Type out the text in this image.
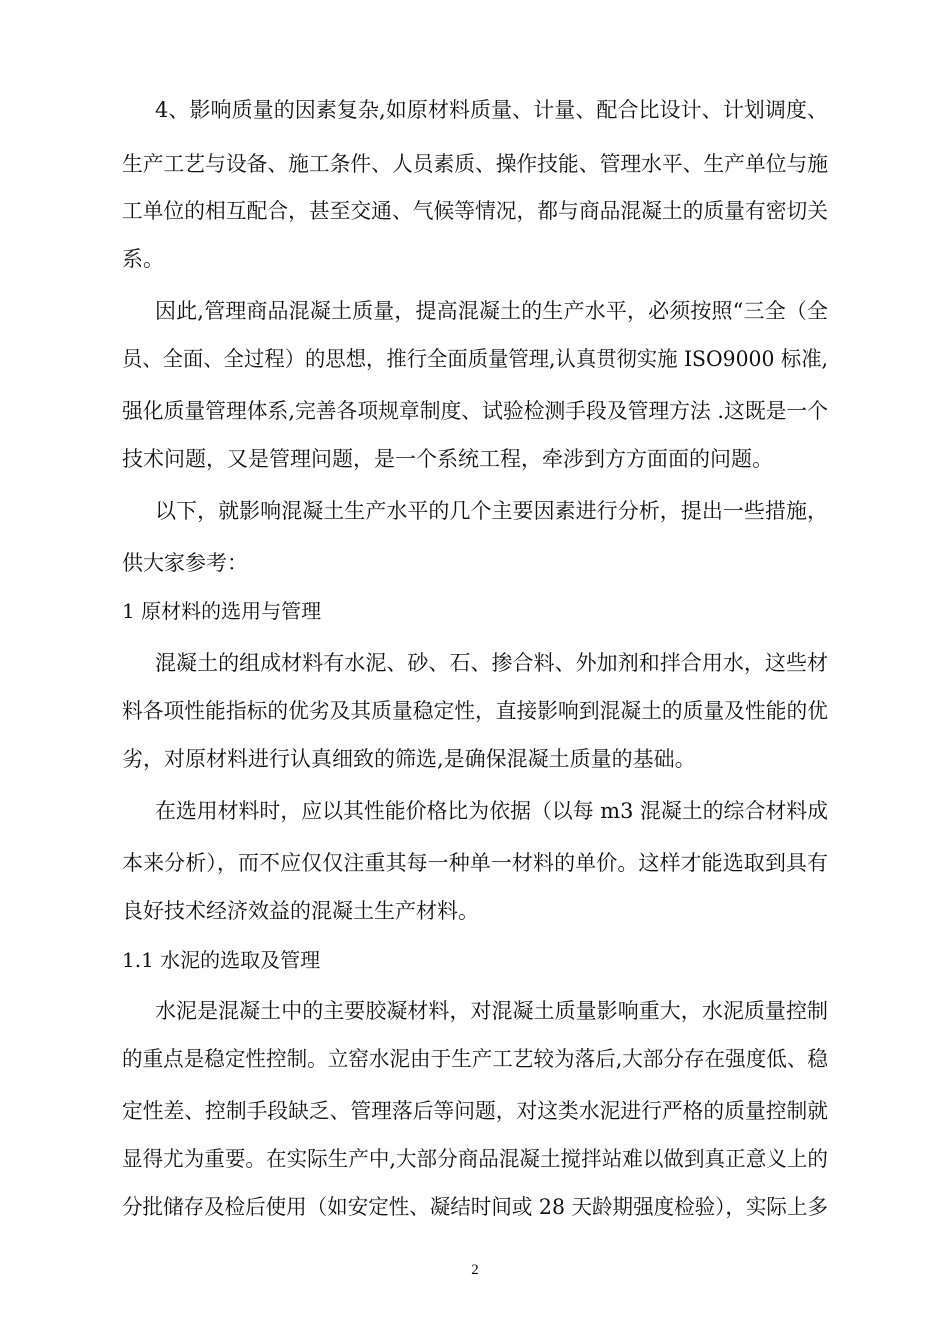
4、影响质量的因素复杂,如原材料质量、计量、配合比设计、计划调度、

生产工艺与设备、施工条件、人员素质、操作技能、管理水平、生产单位与施

工单位的相互配合，甚至交通、气候等情况，都与商品混凝土的质量有密切关

系。

因此,管理商品混凝土质量，提高混凝土的生产水平，必须按照“三全（全

员、全面、全过程）的思想，推行全面质量管理,认真贯彻实施 ISO9000 标准,

强化质量管理体系,完善各项规章制度、试验检测手段及管理方法 .这既是一个

技术问题，又是管理问题，是一个系统工程，牵涉到方方面面的问题。

以下，就影响混凝土生产水平的几个主要因素进行分析，提出一些措施，

供大家参考：

1 原材料的选用与管理

混凝土的组成材料有水泥、砂、石、掺合料、外加剂和拌合用水，这些材

料各项性能指标的优劣及其质量稳定性，直接影响到混凝土的质量及性能的优

劣，对原材料进行认真细致的筛选,是确保混凝土质量的基础。

在选用材料时，应以其性能价格比为依据（以每 m3 混凝土的综合材料成

本来分析），而不应仅仅注重其每一种单一材料的单价。这样才能选取到具有

良好技术经济效益的混凝土生产材料。

1.1 水泥的选取及管理

水泥是混凝土中的主要胶凝材料，对混凝土质量影响重大，水泥质量控制

的重点是稳定性控制。立窑水泥由于生产工艺较为落后,大部分存在强度低、稳

定性差、控制手段缺乏、管理落后等问题，对这类水泥进行严格的质量控制就

显得尤为重要。在实际生产中,大部分商品混凝土搅拌站难以做到真正意义上的

分批储存及检后使用（如安定性、凝结时间或 28 天龄期强度检验），实际上多

2
